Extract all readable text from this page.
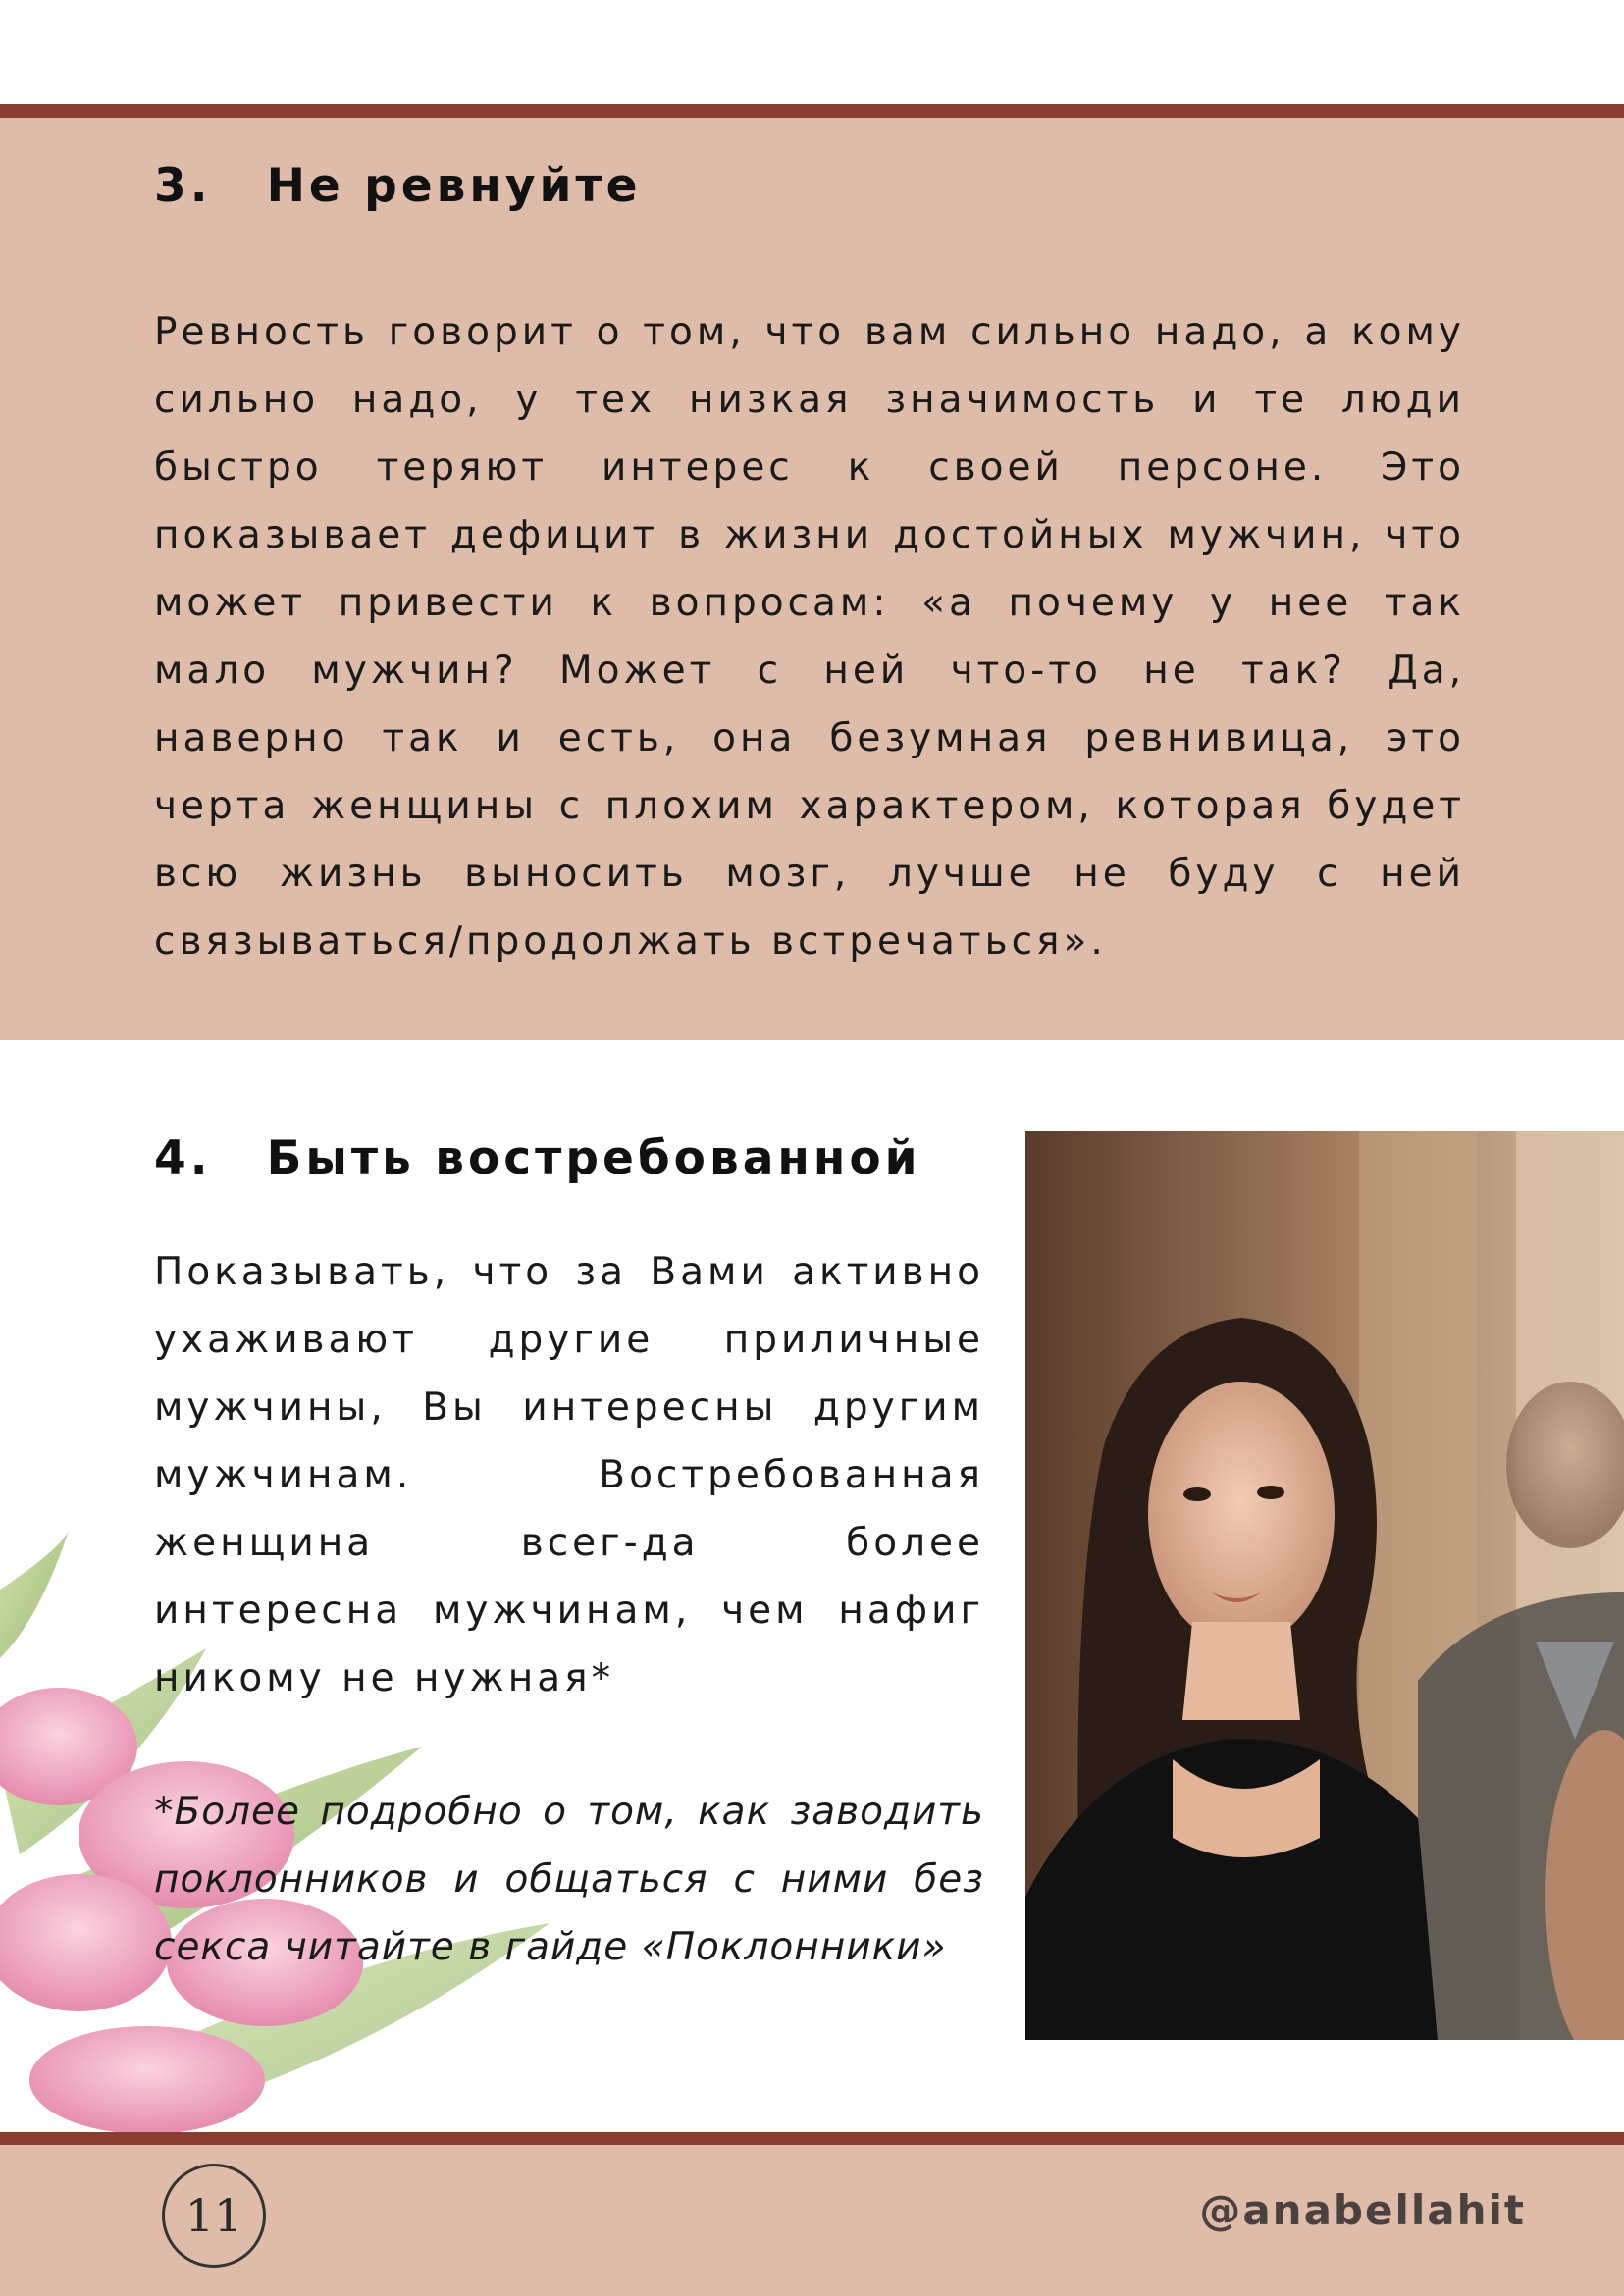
3. Не ревнуйте
Ревность говорит о том, что вам сильно надо, а кому сильно надо, у тех низкая значимость и те люди быстро теряют интерес к своей персоне. Это показывает дефицит в жизни достойных мужчин, что может привести к вопросам: «а почему у нее так мало мужчин? Может с ней что-то не так? Да, наверно так и есть, она безумная ревнивица, это черта женщины с плохим характером, которая будет всю жизнь выносить мозг, лучше не буду с ней связываться/продолжать встречаться».
4. Быть востребованной
Показывать, что за Вами активно ухаживают другие приличные мужчины, Вы интересны другим мужчинам. Востребованная женщина всег-да более интересна мужчинам, чем нафиг никому не нужная*
*Более подробно о том, как заводить поклонников и общаться с ними без секса читайте в гайде «Поклонники»
11	@anabellahit
